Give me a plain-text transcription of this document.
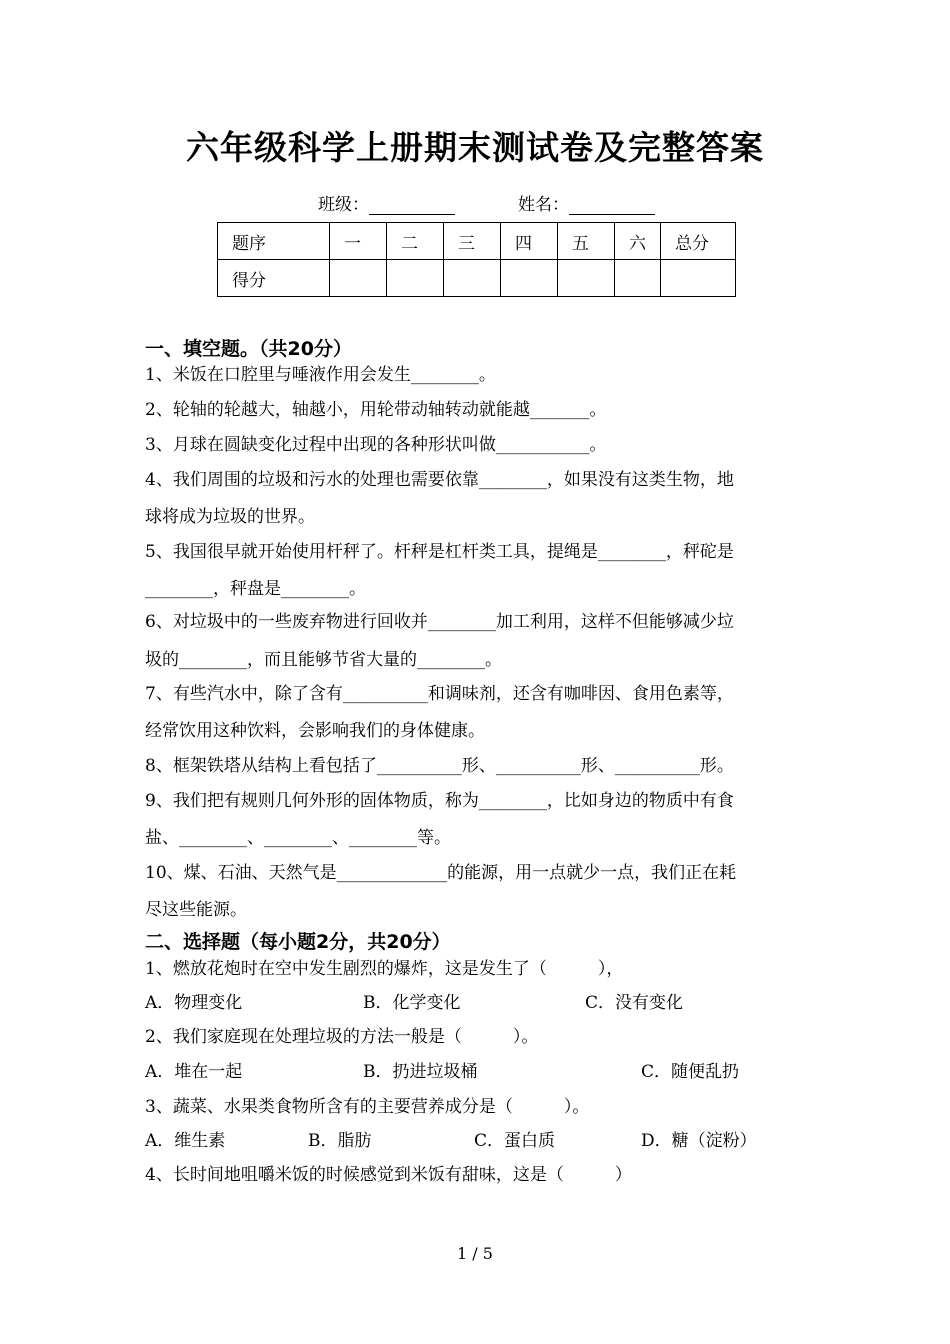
六年级科学上册期末测试卷及完整答案
班级：	姓名：
题序	一	二	三	四	五	六	总分
得分							
一、填空题。（共20分）
1、米饭在口腔里与唾液作用会发生________。
2、轮轴的轮越大，轴越小，用轮带动轴转动就能越_______。
3、月球在圆缺变化过程中出现的各种形状叫做___________。
4、我们周围的垃圾和污水的处理也需要依靠________，如果没有这类生物，地
球将成为垃圾的世界。
5、我国很早就开始使用杆秤了。杆秤是杠杆类工具，提绳是________，秤砣是
________，秤盘是________。
6、对垃圾中的一些废弃物进行回收并________加工利用，这样不但能够减少垃
圾的________，而且能够节省大量的________。
7、有些汽水中，除了含有__________和调味剂，还含有咖啡因、食用色素等，
经常饮用这种饮料，会影响我们的身体健康。
8、框架铁塔从结构上看包括了__________形、__________形、__________形。
9、我们把有规则几何外形的固体物质，称为________，比如身边的物质中有食
盐、________、________、________等。
10、煤、石油、天然气是_____________的能源，用一点就少一点，我们正在耗
尽这些能源。
二、选择题（每小题2分，共20分）
1、燃放花炮时在空中发生剧烈的爆炸，这是发生了（　　　），
A．物理变化	B．化学变化	C．没有变化
2、我们家庭现在处理垃圾的方法一般是（　　　）。
A．堆在一起	B．扔进垃圾桶	C．随便乱扔
3、蔬菜、水果类食物所含有的主要营养成分是（　　　）。
A．维生素	B．脂肪	C．蛋白质	D．糖（淀粉）
4、长时间地咀嚼米饭的时候感觉到米饭有甜味，这是（　　　）
1 / 5
